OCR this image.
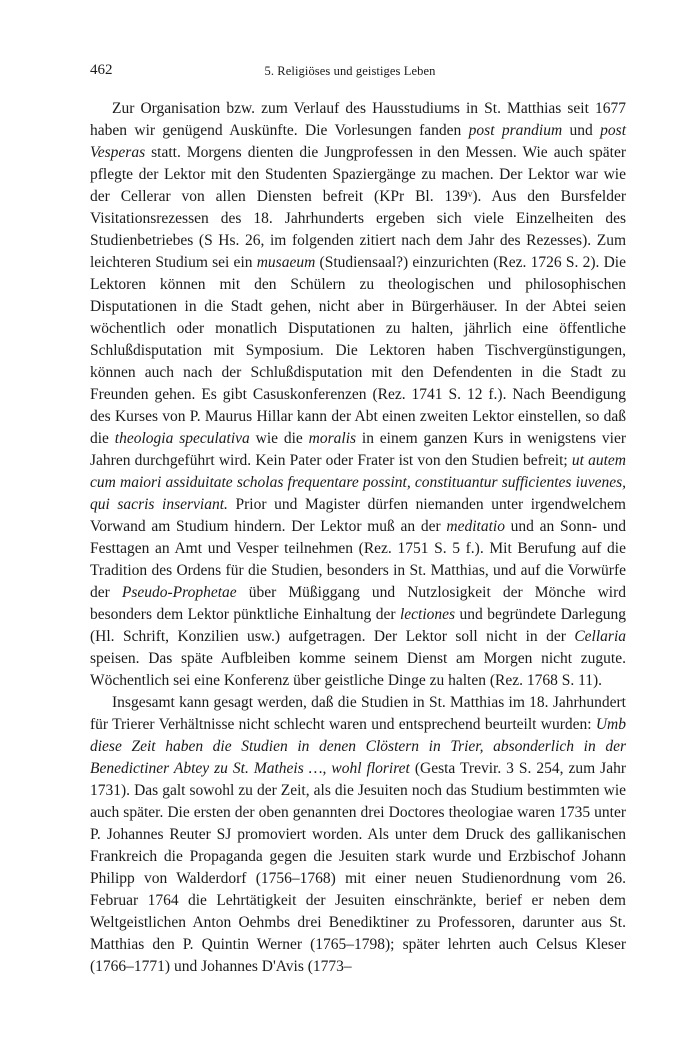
462	5. Religiöses und geistiges Leben

Zur Organisation bzw. zum Verlauf des Hausstudiums in St. Matthias seit 1677 haben wir genügend Auskünfte. Die Vorlesungen fanden post prandium und post Vesperas statt. Morgens dienten die Jungprofessen in den Messen. Wie auch später pflegte der Lektor mit den Studenten Spaziergänge zu machen. Der Lektor war wie der Cellerar von allen Diensten befreit (KPr Bl. 139ᵛ). Aus den Bursfelder Visitationsrezessen des 18. Jahrhunderts ergeben sich viele Einzelheiten des Studienbetriebes (S Hs. 26, im folgenden zitiert nach dem Jahr des Rezesses). Zum leichteren Studium sei ein musaeum (Studiensaal?) einzurichten (Rez. 1726 S. 2). Die Lektoren können mit den Schülern zu theologischen und philosophischen Disputationen in die Stadt gehen, nicht aber in Bürgerhäuser. In der Abtei seien wöchentlich oder monatlich Disputationen zu halten, jährlich eine öffentliche Schlußdisputation mit Symposium. Die Lektoren haben Tischvergünstigungen, können auch nach der Schlußdisputation mit den Defendenten in die Stadt zu Freunden gehen. Es gibt Casuskonferenzen (Rez. 1741 S. 12 f.). Nach Beendigung des Kurses von P. Maurus Hillar kann der Abt einen zweiten Lektor einstellen, so daß die theologia speculativa wie die moralis in einem ganzen Kurs in wenigstens vier Jahren durchgeführt wird. Kein Pater oder Frater ist von den Studien befreit; ut autem cum maiori assiduitate scholas frequentare possint, constituantur sufficientes iuvenes, qui sacris inserviant. Prior und Magister dürfen niemanden unter irgendwelchem Vorwand am Studium hindern. Der Lektor muß an der meditatio und an Sonn- und Festtagen an Amt und Vesper teilnehmen (Rez. 1751 S. 5 f.). Mit Berufung auf die Tradition des Ordens für die Studien, besonders in St. Matthias, und auf die Vorwürfe der Pseudo-Prophetae über Müßiggang und Nutzlosigkeit der Mönche wird besonders dem Lektor pünktliche Einhaltung der lectiones und begründete Darlegung (Hl. Schrift, Konzilien usw.) aufgetragen. Der Lektor soll nicht in der Cellaria speisen. Das späte Aufbleiben komme seinem Dienst am Morgen nicht zugute. Wöchentlich sei eine Konferenz über geistliche Dinge zu halten (Rez. 1768 S. 11).

Insgesamt kann gesagt werden, daß die Studien in St. Matthias im 18. Jahrhundert für Trierer Verhältnisse nicht schlecht waren und entsprechend beurteilt wurden: Umb diese Zeit haben die Studien in denen Clöstern in Trier, absonderlich in der Benedictiner Abtey zu St. Matheis …, wohl floriret (Gesta Trevir. 3 S. 254, zum Jahr 1731). Das galt sowohl zu der Zeit, als die Jesuiten noch das Studium bestimmten wie auch später. Die ersten der oben genannten drei Doctores theologiae waren 1735 unter P. Johannes Reuter SJ promoviert worden. Als unter dem Druck des gallikanischen Frankreich die Propaganda gegen die Jesuiten stark wurde und Erzbischof Johann Philipp von Walderdorf (1756–1768) mit einer neuen Studienordnung vom 26. Februar 1764 die Lehrtätigkeit der Jesuiten einschränkte, berief er neben dem Weltgeistlichen Anton Oehmbs drei Benediktiner zu Professoren, darunter aus St. Matthias den P. Quintin Werner (1765–1798); später lehrten auch Celsus Kleser (1766–1771) und Johannes D'Avis (1773–
